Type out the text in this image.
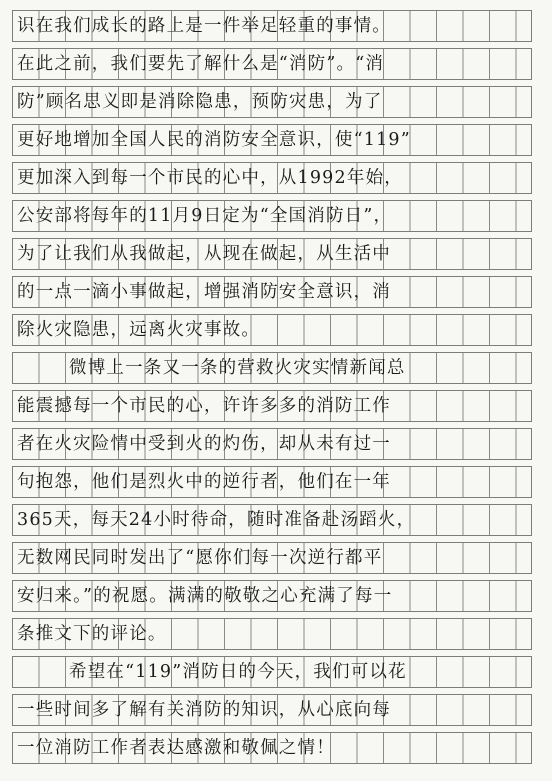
识在我们成长的路上是一件举足轻重的事情。
在此之前，我们要先了解什么是“消防”。“消
防”顾名思义即是消除隐患，预防灾患，为了
更好地增加全国人民的消防安全意识，使“119”
更加深入到每一个市民的心中，从1992年始，
公安部将每年的11月9日定为“全国消防日”，
为了让我们从我做起，从现在做起，从生活中
的一点一滴小事做起，增强消防安全意识，消
除火灾隐患，远离火灾事故。
微博上一条又一条的营救火灾实情新闻总
能震撼每一个市民的心，许许多多的消防工作
者在火灾险情中受到火的灼伤，却从未有过一
句抱怨，他们是烈火中的逆行者，他们在一年
365天，每天24小时待命，随时准备赴汤蹈火，
无数网民同时发出了“愿你们每一次逆行都平
安归来。”的祝愿。满满的敬敬之心充满了每一
条推文下的评论。
希望在“119”消防日的今天，我们可以花
一些时间多了解有关消防的知识，从心底向每
一位消防工作者表达感激和敬佩之情！
